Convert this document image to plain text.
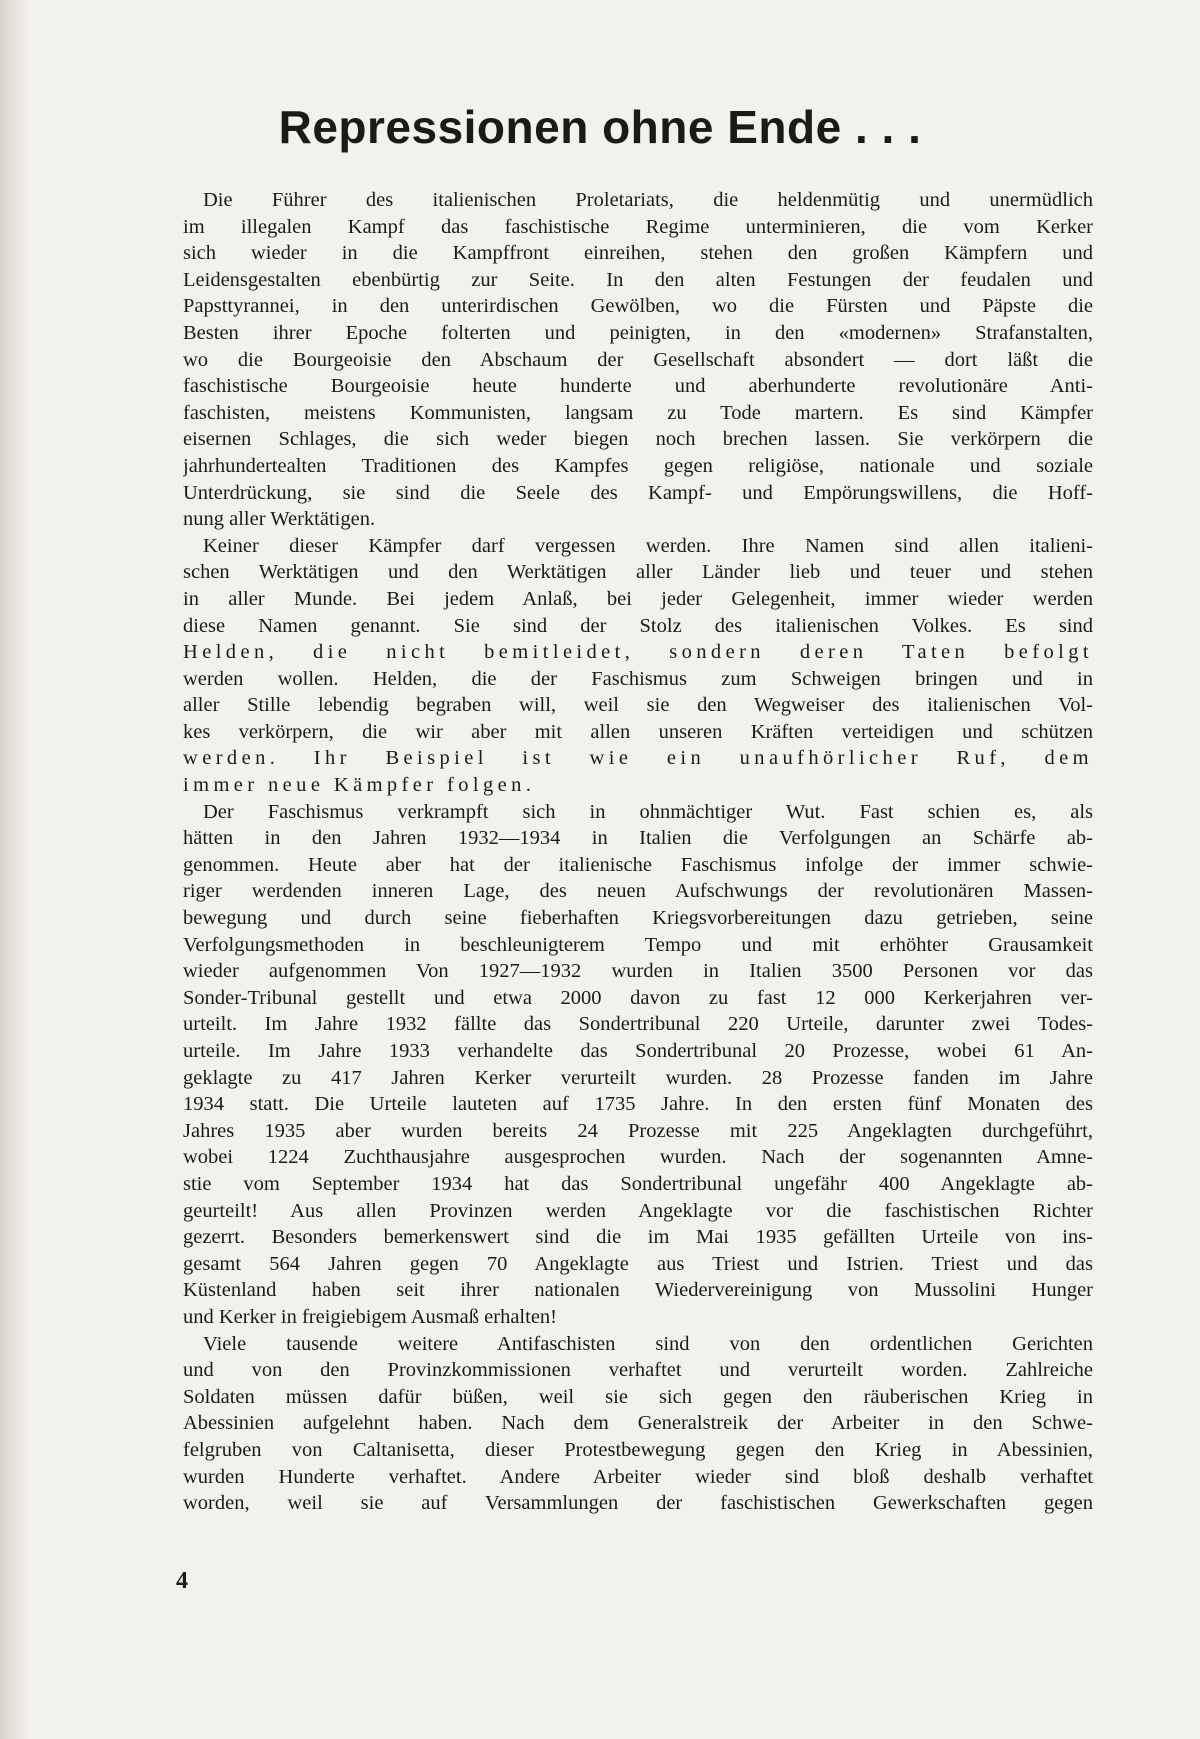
Repressionen ohne Ende . . .
Die Führer des italienischen Proletariats, die heldenmütig und unermüdlich
im illegalen Kampf das faschistische Regime unterminieren, die vom Kerker
sich wieder in die Kampffront einreihen, stehen den großen Kämpfern und
Leidensgestalten ebenbürtig zur Seite. In den alten Festungen der feudalen und
Papsttyrannei, in den unterirdischen Gewölben, wo die Fürsten und Päpste die
Besten ihrer Epoche folterten und peinigten, in den «modernen» Strafanstalten,
wo die Bourgeoisie den Abschaum der Gesellschaft absondert — dort läßt die
faschistische Bourgeoisie heute hunderte und aberhunderte revolutionäre Anti-
faschisten, meistens Kommunisten, langsam zu Tode martern. Es sind Kämpfer
eisernen Schlages, die sich weder biegen noch brechen lassen. Sie verkörpern die
jahrhundertealten Traditionen des Kampfes gegen religiöse, nationale und soziale
Unterdrückung, sie sind die Seele des Kampf- und Empörungswillens, die Hoff-
nung aller Werktätigen.
Keiner dieser Kämpfer darf vergessen werden. Ihre Namen sind allen italieni-
schen Werktätigen und den Werktätigen aller Länder lieb und teuer und stehen
in aller Munde. Bei jedem Anlaß, bei jeder Gelegenheit, immer wieder werden
diese Namen genannt. Sie sind der Stolz des italienischen Volkes. Es sind
Helden, die nicht bemitleidet, sondern deren Taten befolgt
werden wollen. Helden, die der Faschismus zum Schweigen bringen und in
aller Stille lebendig begraben will, weil sie den Wegweiser des italienischen Vol-
kes verkörpern, die wir aber mit allen unseren Kräften verteidigen und schützen
werden. Ihr Beispiel ist wie ein unaufhörlicher Ruf, dem
immer neue Kämpfer folgen.
Der Faschismus verkrampft sich in ohnmächtiger Wut. Fast schien es, als
hätten in den Jahren 1932—1934 in Italien die Verfolgungen an Schärfe ab-
genommen. Heute aber hat der italienische Faschismus infolge der immer schwie-
riger werdenden inneren Lage, des neuen Aufschwungs der revolutionären Massen-
bewegung und durch seine fieberhaften Kriegsvorbereitungen dazu getrieben, seine
Verfolgungsmethoden in beschleunigterem Tempo und mit erhöhter Grausamkeit
wieder aufgenommen Von 1927—1932 wurden in Italien 3500 Personen vor das
Sonder-Tribunal gestellt und etwa 2000 davon zu fast 12 000 Kerkerjahren ver-
urteilt. Im Jahre 1932 fällte das Sondertribunal 220 Urteile, darunter zwei Todes-
urteile. Im Jahre 1933 verhandelte das Sondertribunal 20 Prozesse, wobei 61 An-
geklagte zu 417 Jahren Kerker verurteilt wurden. 28 Prozesse fanden im Jahre
1934 statt. Die Urteile lauteten auf 1735 Jahre. In den ersten fünf Monaten des
Jahres 1935 aber wurden bereits 24 Prozesse mit 225 Angeklagten durchgeführt,
wobei 1224 Zuchthausjahre ausgesprochen wurden. Nach der sogenannten Amne-
stie vom September 1934 hat das Sondertribunal ungefähr 400 Angeklagte ab-
geurteilt! Aus allen Provinzen werden Angeklagte vor die faschistischen Richter
gezerrt. Besonders bemerkenswert sind die im Mai 1935 gefällten Urteile von ins-
gesamt 564 Jahren gegen 70 Angeklagte aus Triest und Istrien. Triest und das
Küstenland haben seit ihrer nationalen Wiedervereinigung von Mussolini Hunger
und Kerker in freigiebigem Ausmaß erhalten!
Viele tausende weitere Antifaschisten sind von den ordentlichen Gerichten
und von den Provinzkommissionen verhaftet und verurteilt worden. Zahlreiche
Soldaten müssen dafür büßen, weil sie sich gegen den räuberischen Krieg in
Abessinien aufgelehnt haben. Nach dem Generalstreik der Arbeiter in den Schwe-
felgruben von Caltanisetta, dieser Protestbewegung gegen den Krieg in Abessinien,
wurden Hunderte verhaftet. Andere Arbeiter wieder sind bloß deshalb verhaftet
worden, weil sie auf Versammlungen der faschistischen Gewerkschaften gegen
4
